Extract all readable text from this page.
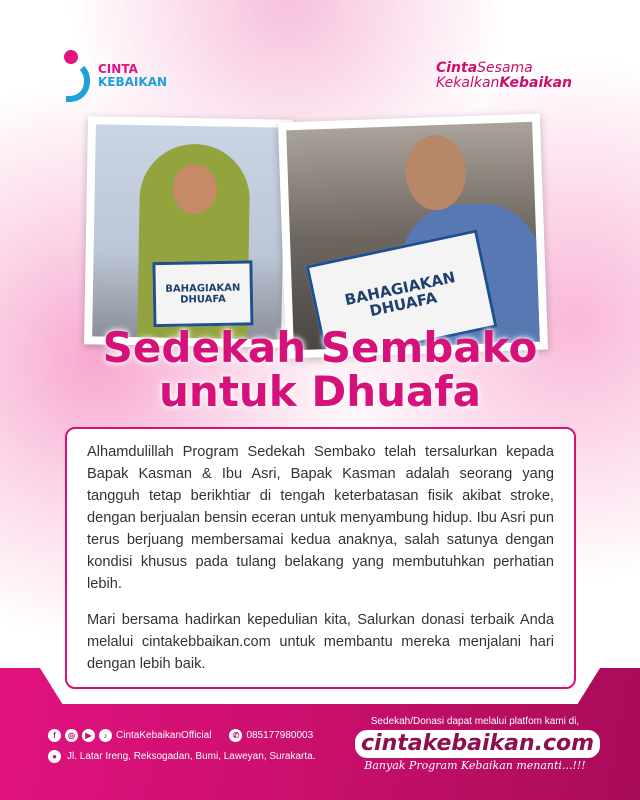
CINTA
KEBAIKAN
CintaSesama
KekalkanKebaikan
BAHAGIAKAN DHUAFA	BAHAGIAKAN DHUAFA
Sedekah Sembako
untuk Dhuafa

Alhamdulillah Program Sedekah Sembako telah tersalurkan kepada Bapak Kasman & Ibu Asri, Bapak Kasman adalah seorang yang tangguh tetap berikhtiar di tengah keterbatasan fisik akibat stroke, dengan berjualan bensin eceran untuk menyambung hidup. Ibu Asri pun terus berjuang membersamai kedua anaknya, salah satunya dengan kondisi khusus pada tulang belakang yang membutuhkan perhatian lebih.

Mari bersama hadirkan kepedulian kita, Salurkan donasi terbaik Anda melalui cintakebbaikan.com untuk membantu mereka menjalani hari dengan lebih baik.

f	◎	▶	♪ CintaKebaikanOfficial	✆ 085177980003
●	Jl. Latar Ireng, Reksogadan, Bumi, Laweyan, Surakarta.
Sedekah/Donasi dapat melalui platfom kami di,
cintakebaikan.com
Banyak Program Kebaikan menanti...!!!
